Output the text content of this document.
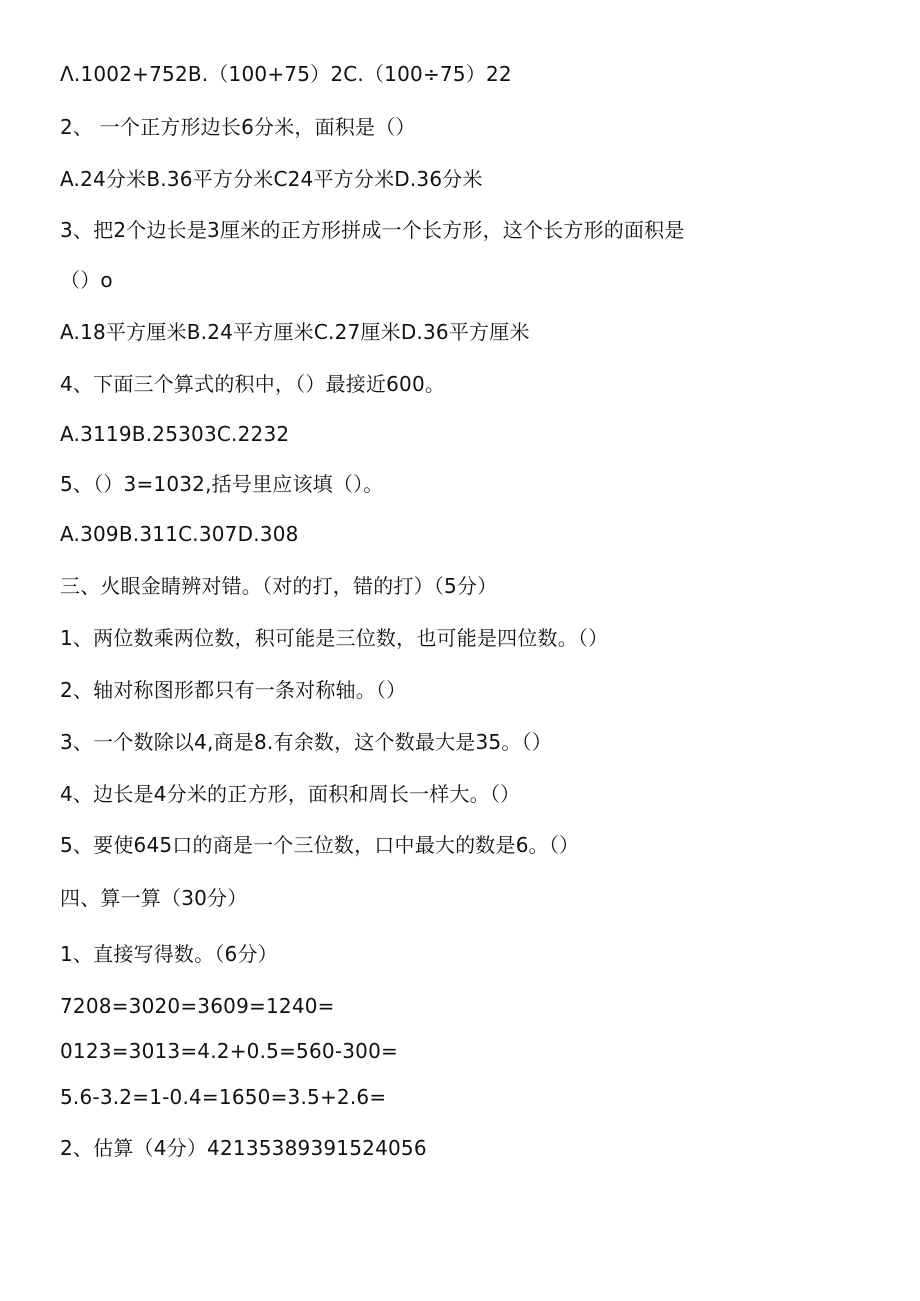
Λ.1002+752B.（100+75）2C.（100÷75）22
2、 一个正方形边长6分米，面积是（）
A.24分米B.36平方分米C24平方分米D.36分米
3、把2个边长是3厘米的正方形拼成一个长方形，这个长方形的面积是
（）o
A.18平方厘米B.24平方厘米C.27厘米D.36平方厘米
4、下面三个算式的积中，（）最接近600。
A.3119B.25303C.2232
5、（）3=1032,括号里应该填（）。
A.309B.311C.307D.308
三、火眼金睛辨对错。（对的打，错的打）（5分）
1、两位数乘两位数，积可能是三位数，也可能是四位数。（）
2、轴对称图形都只有一条对称轴。（）
3、一个数除以4,商是8.有余数，这个数最大是35。（）
4、边长是4分米的正方形，面积和周长一样大。（）
5、要使645口的商是一个三位数，口中最大的数是6。（）
四、算一算（30分）
1、直接写得数。（6分）
7208=3020=3609=1240=
0123=3013=4.2+0.5=560-300=
5.6-3.2=1-0.4=1650=3.5+2.6=
2、估算（4分）42135389391524056
